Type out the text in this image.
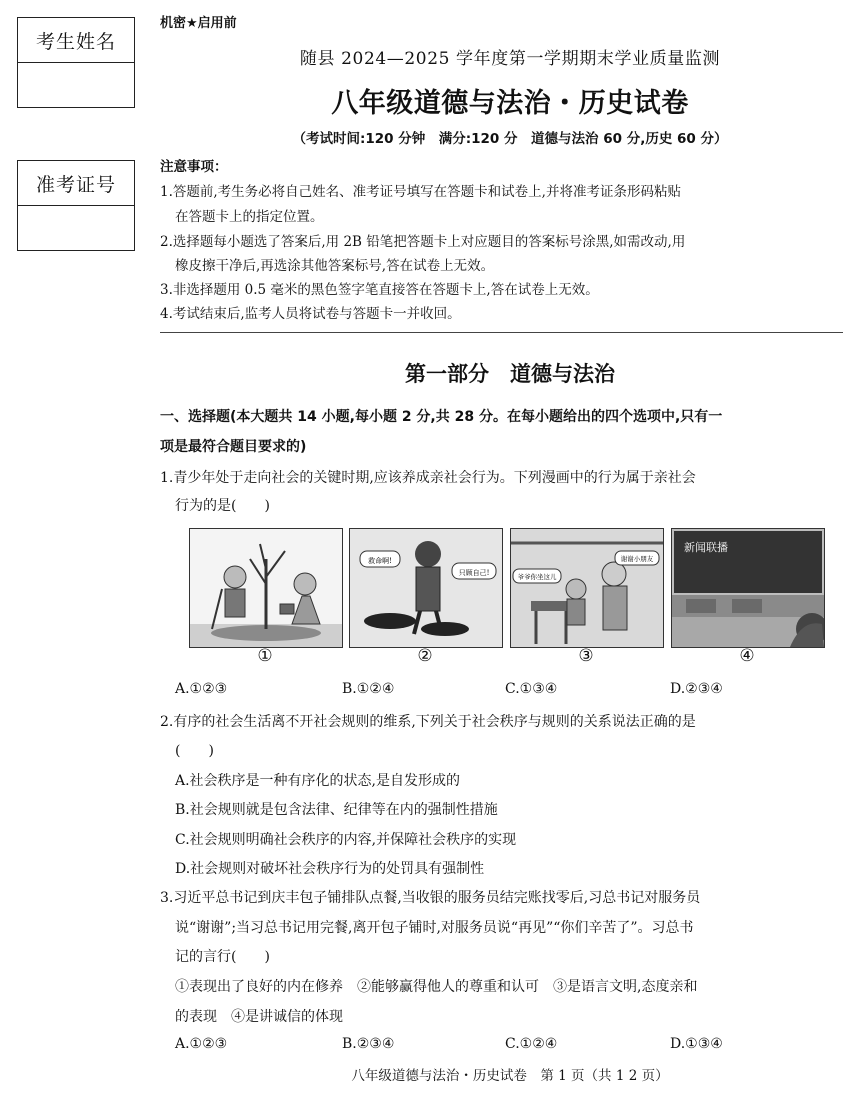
考生姓名
准考证号
机密★启用前
随县 2024—2025 学年度第一学期期末学业质量监测
八年级道德与法治・历史试卷
（考试时间:120 分钟　满分:120 分　道德与法治 60 分,历史 60 分）
注意事项：
1.答题前,考生务必将自己姓名、准考证号填写在答题卡和试卷上,并将准考证条形码粘贴
在答题卡上的指定位置。
2.选择题每小题选了答案后,用 2B 铅笔把答题卡上对应题目的答案标号涂黑,如需改动,用
橡皮擦干净后,再选涂其他答案标号,答在试卷上无效。
3.非选择题用 0.5 毫米的黑色签字笔直接答在答题卡上,答在试卷上无效。
4.考试结束后,监考人员将试卷与答题卡一并收回。
第一部分　道德与法治
一、选择题(本大题共 14 小题,每小题 2 分,共 28 分。在每小题给出的四个选项中,只有一
项是最符合题目要求的)
1.青少年处于走向社会的关键时期,应该养成亲社会行为。下列漫画中的行为属于亲社会
行为的是(　　)
救命啊!
只顾自己!	爷爷你坐这儿
谢谢小朋友
新闻联播
①	②	③	④
A.①②③	B.①②④	C.①③④	D.②③④
2.有序的社会生活离不开社会规则的维系,下列关于社会秩序与规则的关系说法正确的是
(　　)
A.社会秩序是一种有序化的状态,是自发形成的
B.社会规则就是包含法律、纪律等在内的强制性措施
C.社会规则明确社会秩序的内容,并保障社会秩序的实现
D.社会规则对破坏社会秩序行为的处罚具有强制性
3.习近平总书记到庆丰包子铺排队点餐,当收银的服务员结完账找零后,习总书记对服务员
说“谢谢”;当习总书记用完餐,离开包子铺时,对服务员说“再见”“你们辛苦了”。习总书
记的言行(　　)
①表现出了良好的内在修养　②能够赢得他人的尊重和认可　③是语言文明,态度亲和
的表现　④是讲诚信的体现
A.①②③	B.②③④	C.①②④	D.①③④
八年级道德与法治・历史试卷　第 1 页（共 1 2 页）
